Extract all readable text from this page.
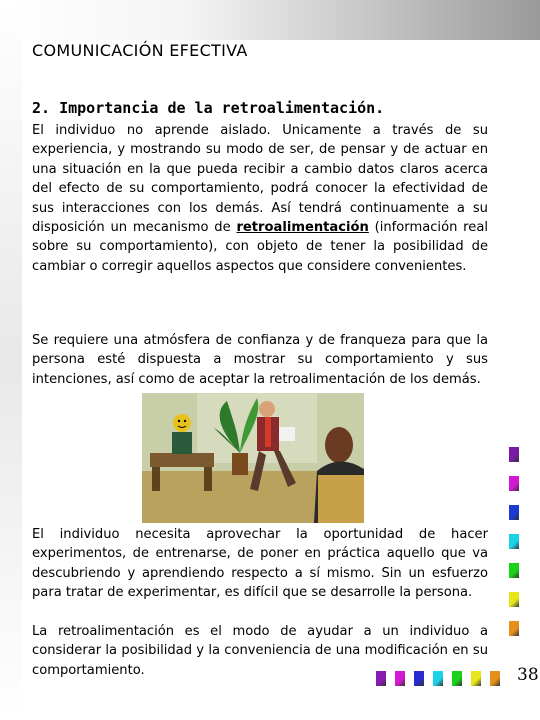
COMUNICACIÓN EFECTIVA
2. Importancia de la retroalimentación.
El individuo no aprende aislado. Unicamente a través de su experiencia, y mostrando su modo de ser, de pensar y de actuar en una situación en la que pueda recibir a cambio datos claros acerca del efecto de su comportamiento, podrá conocer la efectividad de sus interacciones con los demás. Así tendrá continuamente a su disposición un mecanismo de retroalimentación (información real sobre su comportamiento), con objeto de tener la posibilidad de cambiar o corregir aquellos aspectos que considere convenientes.
Se requiere una atmósfera de confianza y de franqueza para que la persona esté dispuesta a mostrar su comportamiento y sus intenciones, así como de aceptar la retroalimentación de los demás.
El individuo necesita aprovechar la oportunidad de hacer experimentos, de entrenarse, de poner en práctica aquello que va descubriendo y aprendiendo respecto a sí mismo. Sin un esfuerzo para tratar de experimentar, es difícil que se desarrolle la persona.
La retroalimentación es el modo de ayudar a un individuo a considerar la posibilidad y la conveniencia de una modificación en su comportamiento.	38
